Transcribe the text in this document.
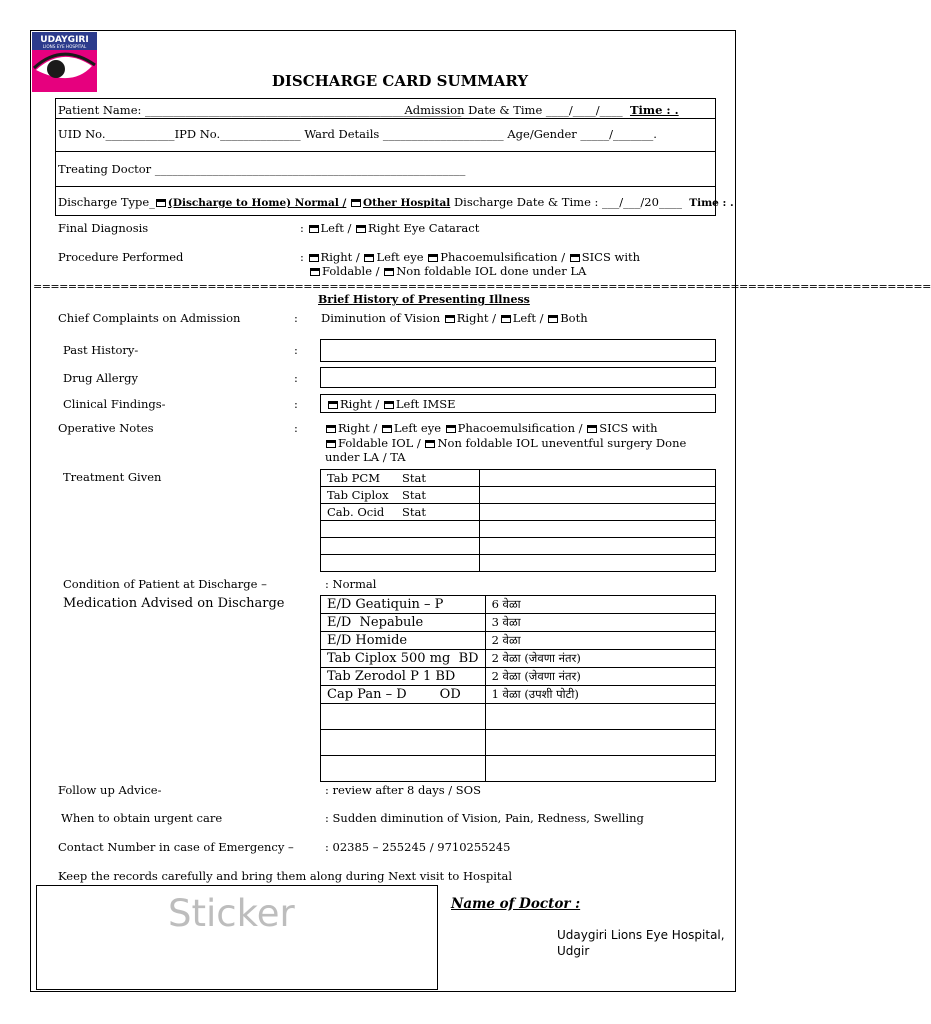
UDAYGIRI
LIONS EYE HOSPITAL
DISCHARGE CARD SUMMARY
Patient Name: _______________________________________________________ Admission Date & Time ____/____/____ Time : .
UID No.____________IPD No.______________ Ward Details _____________________ Age/Gender _____/_______.
Treating Doctor ______________________________________________________
Discharge Type_ (Discharge to Home) Normal / Other Hospital Discharge Date & Time : ___/___/20____ Time : .
Final Diagnosis	: Left / Right Eye Cataract
Procedure Performed	: Right / Left eye Phacoemulsification / SICS with
Foldable / Non foldable IOL done under LA
=======================================================================================================
Brief History of Presenting Illness
Chief Complaints on Admission	: Diminution of Vision Right / Left / Both
Past History-	:
Drug Allergy	:
Clinical Findings-	:	Right / Left IMSE
Operative Notes	:	Right / Left eye Phacoemulsification / SICS with
Foldable IOL / Non foldable IOL uneventful surgery Done
under LA / TA
Treatment Given	Tab PCM Stat	
Tab Ciplox Stat	
Cab. Ocid Stat	

Condition of Patient at Discharge –	: Normal
Medication Advised on Discharge	E/D Geatiquin – P	6 वेळा
E/D  Nepabule	3 वेळा
E/D Homide	2 वेळा
Tab Ciplox 500 mg  BD	2 वेळा (जेवणा नंतर)
Tab Zerodol P 1 BD	2 वेळा (जेवणा नंतर)
Cap Pan – D        OD	1 वेळा (उपशी पोटी)

Follow up Advice-	: review after 8 days / SOS
When to obtain urgent care	: Sudden diminution of Vision, Pain, Redness, Swelling
Contact Number in case of Emergency –	: 02385 – 255245 / 9710255245
Keep the records carefully and bring them along during Next visit to Hospital
Sticker	Name of Doctor :
Udaygiri Lions Eye Hospital, Udgir
